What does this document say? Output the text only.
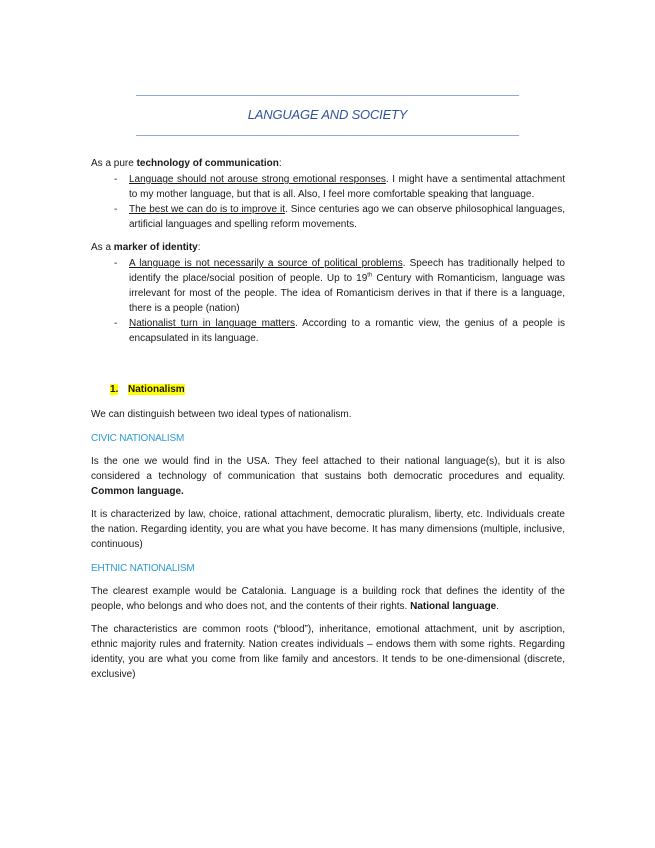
LANGUAGE AND SOCIETY

As a pure technology of communication:

- Language should not arouse strong emotional responses. I might have a sentimental attachment to my mother language, but that is all. Also, I feel more comfortable speaking that language.
- The best we can do is to improve it. Since centuries ago we can observe philosophical languages, artificial languages and spelling reform movements.

As a marker of identity:

- A language is not necessarily a source of political problems. Speech has traditionally helped to identify the place/social position of people. Up to 19th Century with Romanticism, language was irrelevant for most of the people. The idea of Romanticism derives in that if there is a language, there is a people (nation)
- Nationalist turn in language matters. According to a romantic view, the genius of a people is encapsulated in its language.
1. Nationalism

We can distinguish between two ideal types of nationalism.

CIVIC NATIONALISM

Is the one we would find in the USA. They feel attached to their national language(s), but it is also considered a technology of communication that sustains both democratic procedures and equality. Common language.

It is characterized by law, choice, rational attachment, democratic pluralism, liberty, etc. Individuals create the nation. Regarding identity, you are what you have become. It has many dimensions (multiple, inclusive, continuous)

EHTNIC NATIONALISM

The clearest example would be Catalonia. Language is a building rock that defines the identity of the people, who belongs and who does not, and the contents of their rights. National language.

The characteristics are common roots (“blood”), inheritance, emotional attachment, unit by ascription, ethnic majority rules and fraternity. Nation creates individuals – endows them with some rights. Regarding identity, you are what you come from like family and ancestors. It tends to be one-dimensional (discrete, exclusive)
